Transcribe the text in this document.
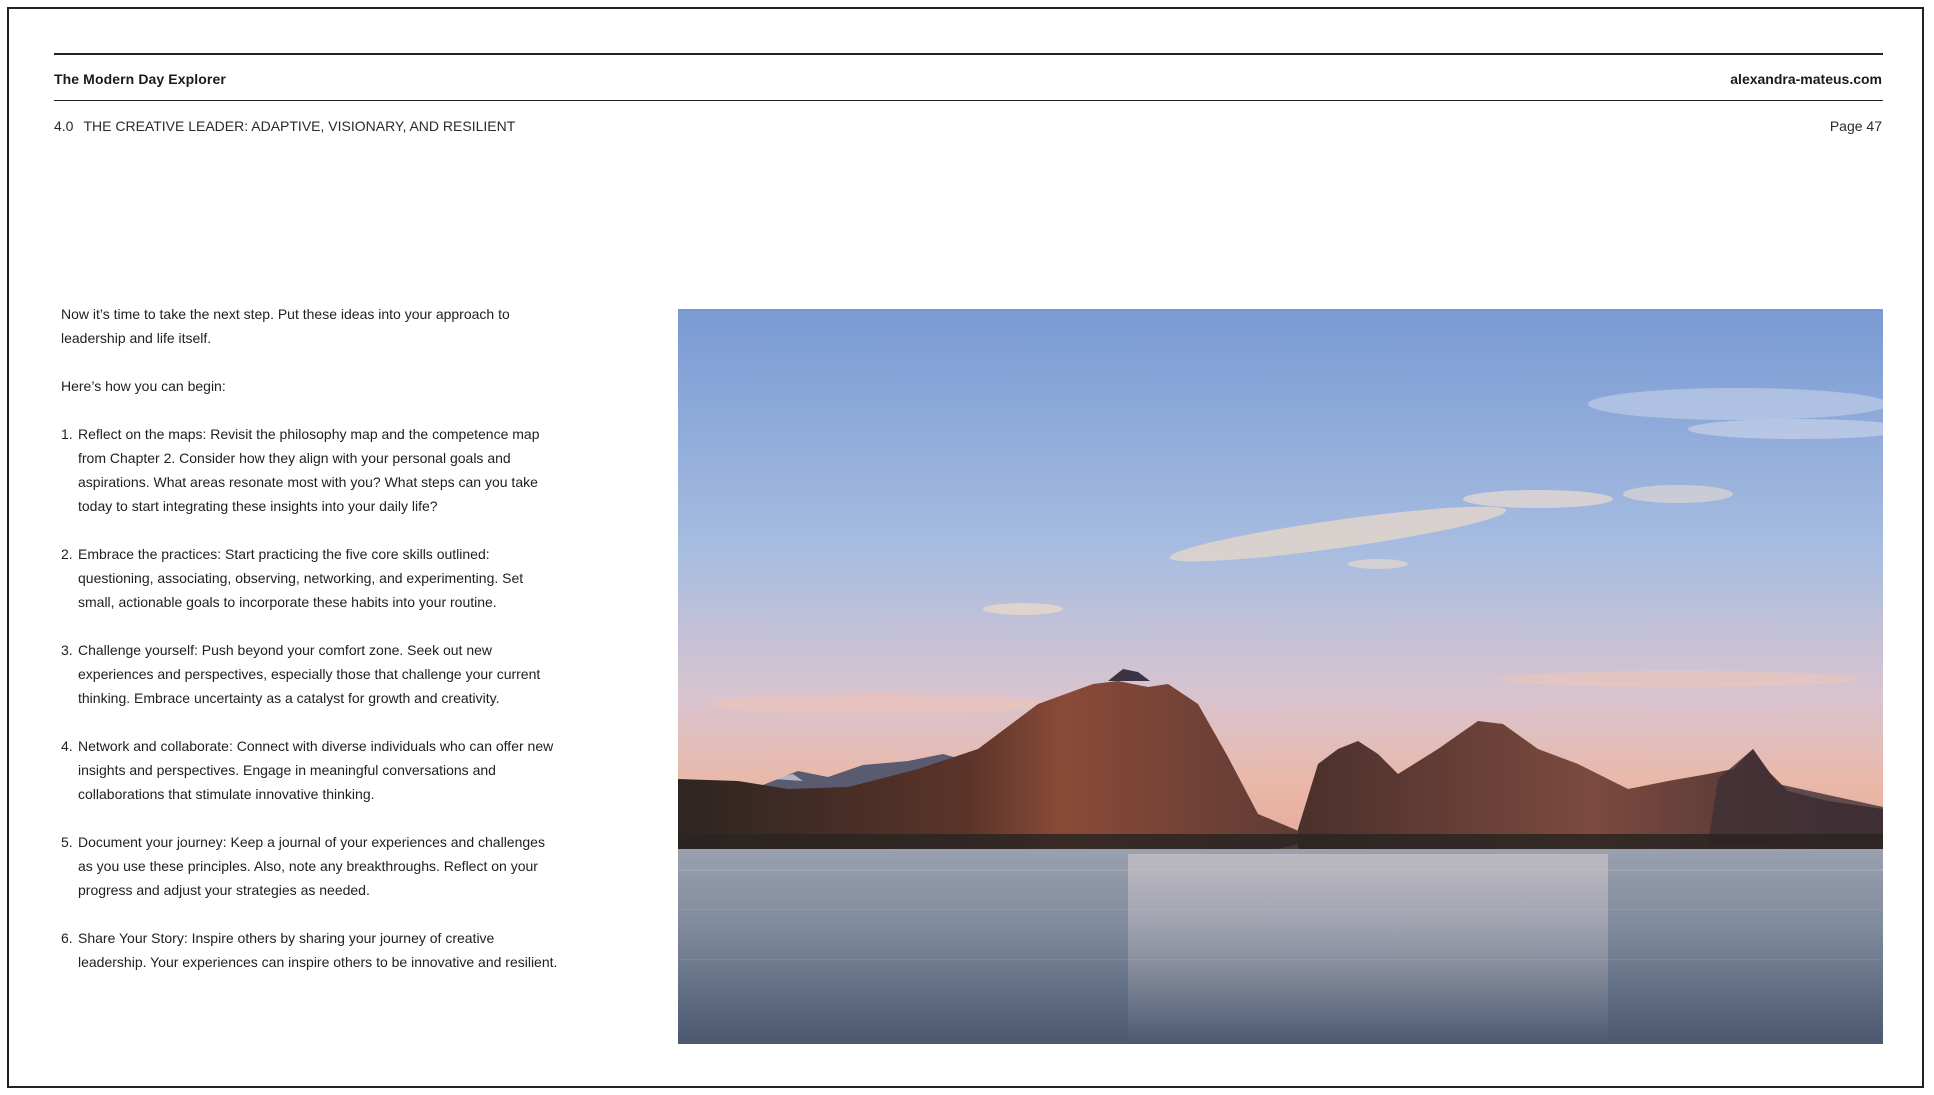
The Modern Day Explorer	alexandra-mateus.com
4.0 THE CREATIVE LEADER: ADAPTIVE, VISIONARY, AND RESILIENT	Page 47

Now it’s time to take the next step. Put these ideas into your approach to leadership and life itself.

Here’s how you can begin:

1. Reflect on the maps: Revisit the philosophy map and the competence map from Chapter 2. Consider how they align with your personal goals and aspirations. What areas resonate most with you? What steps can you take today to start integrating these insights into your daily life?
2. Embrace the practices: Start practicing the five core skills outlined: questioning, associating, observing, networking, and experimenting. Set small, actionable goals to incorporate these habits into your routine.
3. Challenge yourself: Push beyond your comfort zone. Seek out new experiences and perspectives, especially those that challenge your current thinking. Embrace uncertainty as a catalyst for growth and creativity.
4. Network and collaborate: Connect with diverse individuals who can offer new insights and perspectives. Engage in meaningful conversations and collaborations that stimulate innovative thinking.
5. Document your journey: Keep a journal of your experiences and challenges as you use these principles. Also, note any breakthroughs. Reflect on your progress and adjust your strategies as needed.
6. Share Your Story: Inspire others by sharing your journey of creative leadership. Your experiences can inspire others to be innovative and resilient.
